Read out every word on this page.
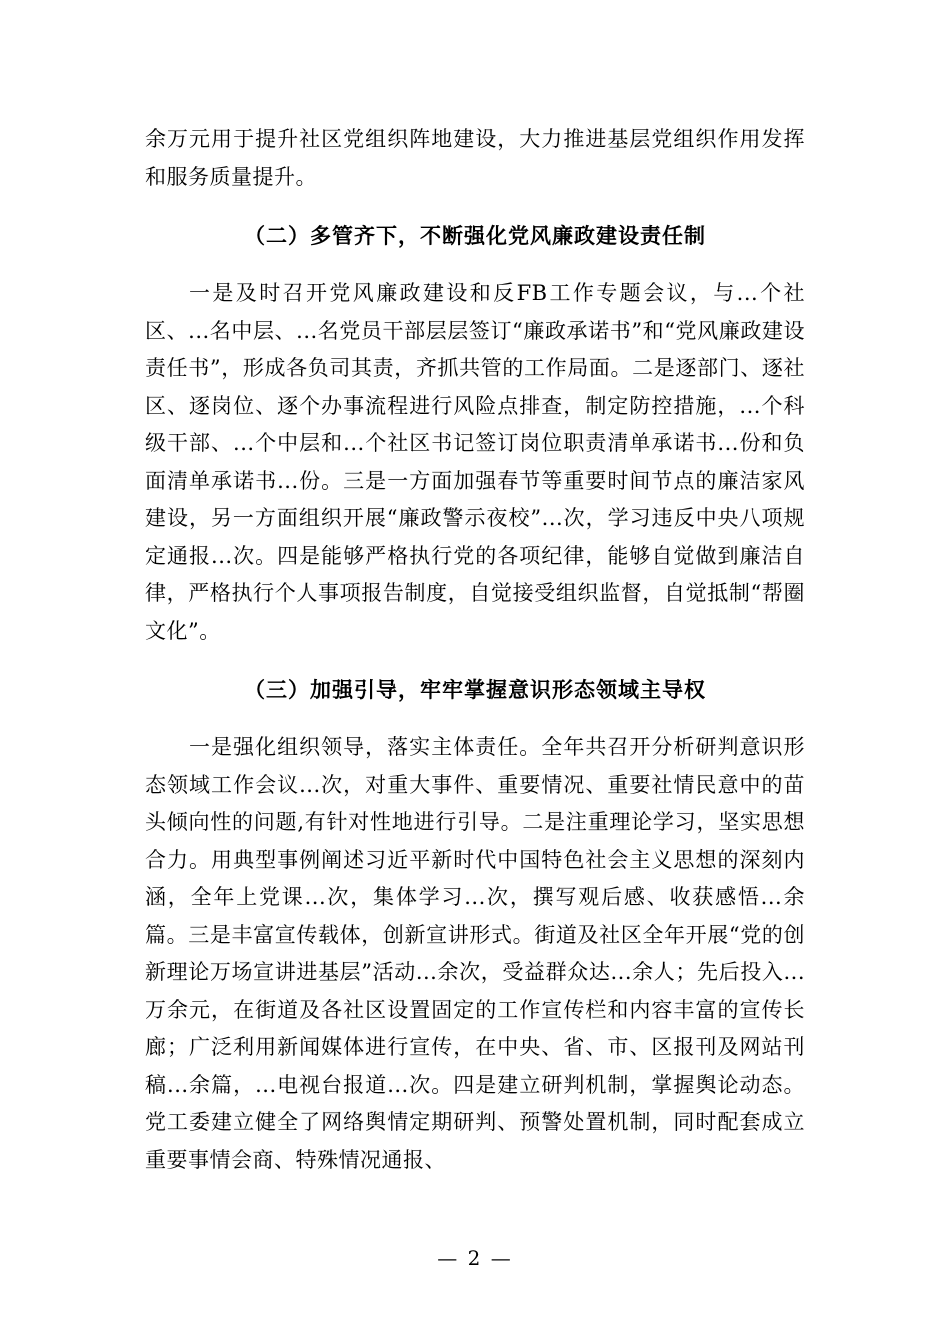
余万元用于提升社区党组织阵地建设，大力推进基层党组织作用发挥和服务质量提升。

（二）多管齐下，不断强化党风廉政建设责任制

一是及时召开党风廉政建设和反FB工作专题会议，与...个社区、...名中层、...名党员干部层层签订“廉政承诺书”和“党风廉政建设责任书”，形成各负司其责，齐抓共管的工作局面。二是逐部门、逐社区、逐岗位、逐个办事流程进行风险点排查，制定防控措施，...个科级干部、...个中层和...个社区书记签订岗位职责清单承诺书...份和负面清单承诺书...份。三是一方面加强春节等重要时间节点的廉洁家风建设，另一方面组织开展“廉政警示夜校”...次，学习违反中央八项规定通报...次。四是能够严格执行党的各项纪律，能够自觉做到廉洁自律，严格执行个人事项报告制度，自觉接受组织监督，自觉抵制“帮圈文化”。

（三）加强引导，牢牢掌握意识形态领域主导权

一是强化组织领导，落实主体责任。全年共召开分析研判意识形态领域工作会议...次，对重大事件、重要情况、重要社情民意中的苗头倾向性的问题,有针对性地进行引导。二是注重理论学习，坚实思想合力。用典型事例阐述习近平新时代中国特色社会主义思想的深刻内涵，全年上党课...次，集体学习...次，撰写观后感、收获感悟...余篇。三是丰富宣传载体，创新宣讲形式。街道及社区全年开展“党的创新理论万场宣讲进基层”活动...余次，受益群众达...余人；先后投入...万余元，在街道及各社区设置固定的工作宣传栏和内容丰富的宣传长廊；广泛利用新闻媒体进行宣传，在中央、省、市、区报刊及网站刊稿...余篇，...电视台报道...次。四是建立研判机制，掌握舆论动态。党工委建立健全了网络舆情定期研判、预警处置机制，同时配套成立重要事情会商、特殊情况通报、

— 2 —
